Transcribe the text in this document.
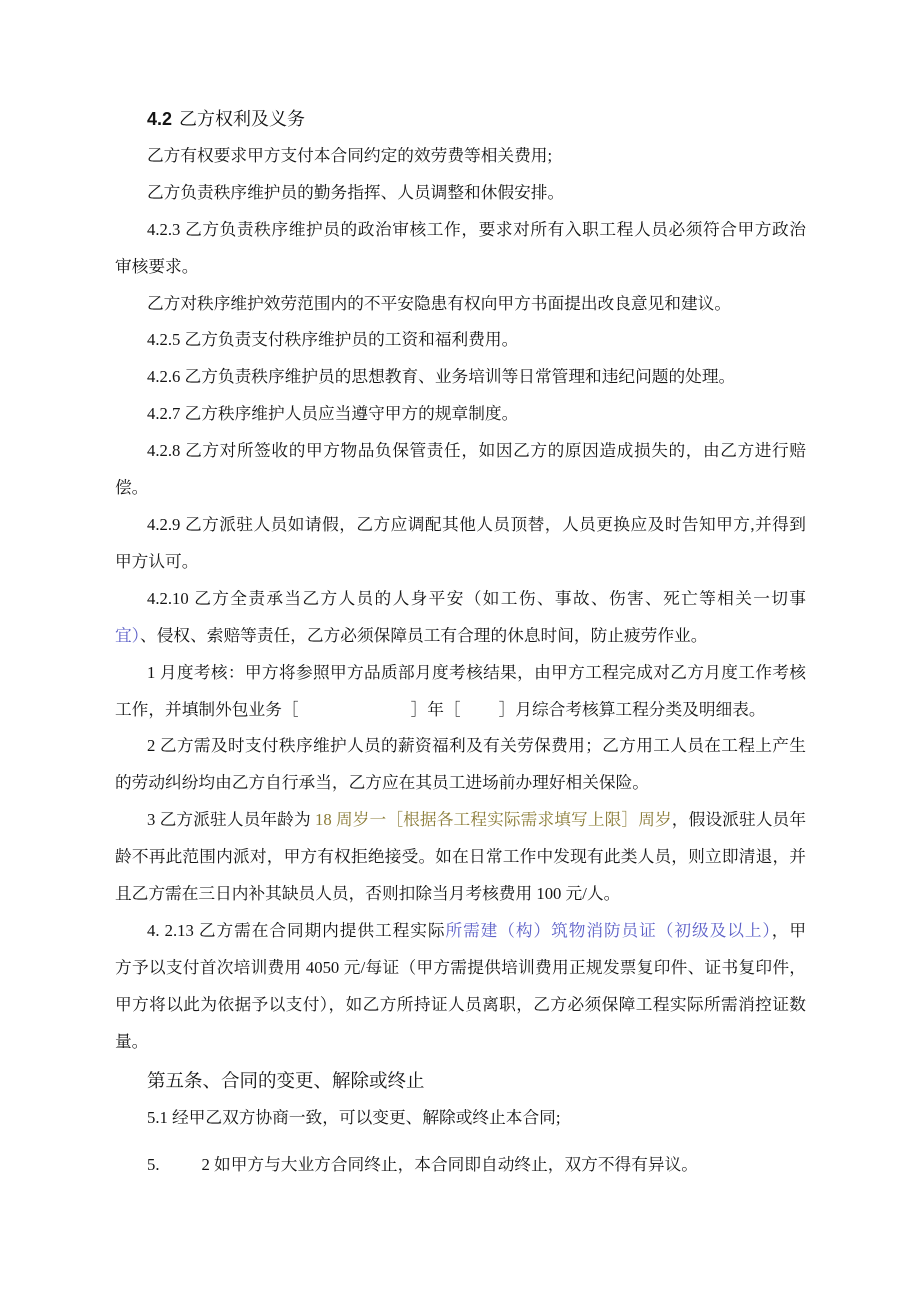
4.2 乙方权利及义务
乙方有权要求甲方支付本合同约定的效劳费等相关费用;
乙方负责秩序维护员的勤务指挥、人员调整和休假安排。
4.2.3 乙方负责秩序维护员的政治审核工作，要求对所有入职工程人员必须符合甲方政治
审核要求。
乙方对秩序维护效劳范围内的不平安隐患有权向甲方书面提出改良意见和建议。
4.2.5 乙方负责支付秩序维护员的工资和福利费用。
4.2.6 乙方负责秩序维护员的思想教育、业务培训等日常管理和违纪问题的处理。
4.2.7 乙方秩序维护人员应当遵守甲方的规章制度。
4.2.8 乙方对所签收的甲方物品负保管责任，如因乙方的原因造成损失的，由乙方进行赔
偿。
4.2.9 乙方派驻人员如请假，乙方应调配其他人员顶替，人员更换应及时告知甲方,并得到
甲方认可。
4.2.10 乙方全责承当乙方人员的人身平安（如工伤、事故、伤害、死亡等相关一切事
宜）、侵权、索赔等责任，乙方必须保障员工有合理的休息时间，防止疲劳作业。
1 月度考核：甲方将参照甲方品质部月度考核结果，由甲方工程完成对乙方月度工作考核
工作，并填制外包业务［	］年［ ］月综合考核算工程分类及明细表。
2 乙方需及时支付秩序维护人员的薪资福利及有关劳保费用；乙方用工人员在工程上产生
的劳动纠纷均由乙方自行承当，乙方应在其员工进场前办理好相关保险。
3 乙方派驻人员年龄为 18 周岁一［根据各工程实际需求填写上限］周岁，假设派驻人员年
龄不再此范围内派对，甲方有权拒绝接受。如在日常工作中发现有此类人员，则立即清退，并
且乙方需在三日内补其缺员人员，否则扣除当月考核费用 100 元/人。
4. 2.13 乙方需在合同期内提供工程实际所需建（构）筑物消防员证（初级及以上），甲
方予以支付首次培训费用 4050 元/每证（甲方需提供培训费用正规发票复印件、证书复印件，
甲方将以此为依据予以支付），如乙方所持证人员离职，乙方必须保障工程实际所需消控证数
量。
第五条、合同的变更、解除或终止
5.1 经甲乙双方协商一致，可以变更、解除或终止本合同;
5.	2 如甲方与大业方合同终止，本合同即自动终止，双方不得有异议。
